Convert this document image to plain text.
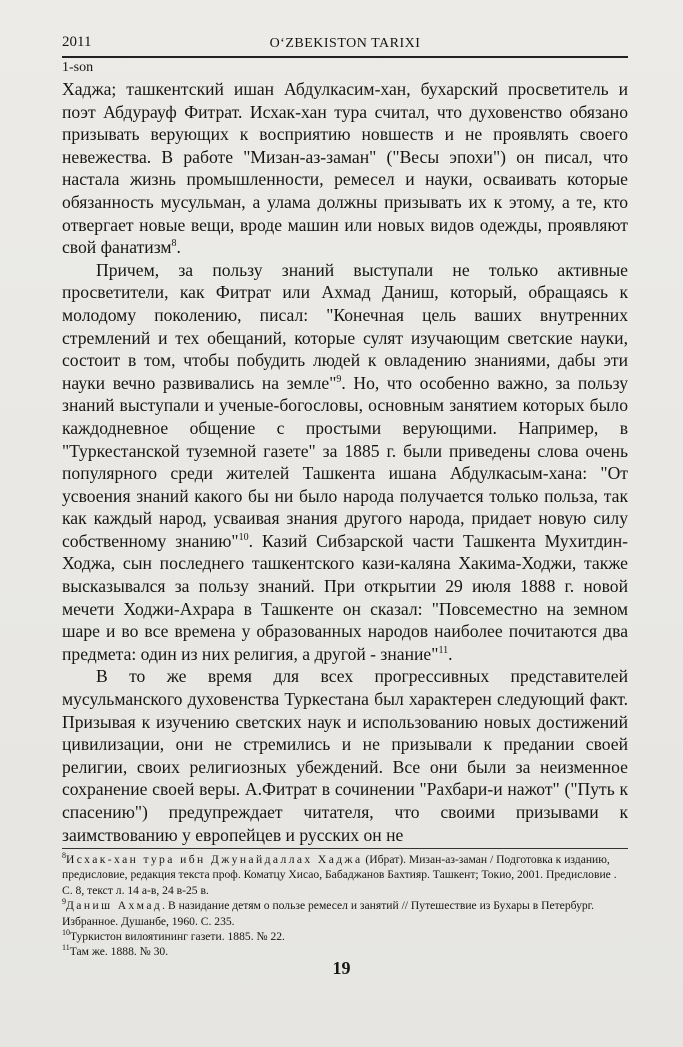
2011	O‘ZBEKISTON TARIXI
1-son

Хаджа; ташкентский ишан Абдулкасим-хан, бухарский просветитель и поэт Абдурауф Фитрат. Исхак-хан тура считал, что духовенство обязано призывать верующих к восприятию новшеств и не проявлять своего невежества. В работе "Мизан-аз-заман" ("Весы эпохи") он писал, что настала жизнь промышленности, ремесел и науки, осваивать которые обязанность мусульман, а улама должны призывать их к этому, а те, кто отвергает новые вещи, вроде машин или новых видов одежды, проявляют свой фанатизм$^8$.

Причем, за пользу знаний выступали не только активные просветители, как Фитрат или Ахмад Даниш, который, обращаясь к молодому поколению, писал: "Конечная цель ваших внутренних стремлений и тех обещаний, которые сулят изучающим светские науки, состоит в том, чтобы побудить людей к овладению знаниями, дабы эти науки вечно развивались на земле"$^9$. Но, что особенно важно, за пользу знаний выступали и ученые-богословы, основным занятием которых было каждодневное общение с простыми верующими. Например, в "Туркестанской туземной газете" за 1885 г. были приведены слова очень популярного среди жителей Ташкента ишана Абдулкасым-хана: "От усвоения знаний какого бы ни было народа получается только польза, так как каждый народ, усваивая знания другого народа, придает новую силу собственному знанию"$^{10}$. Казий Сибзарской части Ташкента Мухитдин-Ходжа, сын последнего ташкентского кази-каляна Хакима-Ходжи, также высказывался за пользу знаний. При открытии 29 июля 1888 г. новой мечети Ходжи-Ахрара в Ташкенте он сказал: "Повсеместно на земном шаре и во все времена у образованных народов наиболее почитаются два предмета: один из них религия, а другой - знание"$^{11}$.

В то же время для всех прогрессивных представителей мусульманского духовенства Туркестана был характерен следующий факт. Призывая к изучению светских наук и использованию новых достижений цивилизации, они не стремились и не призывали к предании своей религии, своих религиозных убеждений. Все они были за неизменное сохранение своей веры. А.Фитрат в сочинении "Рахбари-и нажот" ("Путь к спасению") предупреждает читателя, что своими призывами к заимствованию у европейцев и русских он не

$^8$Исхак-хан тура ибн Джунайдаллах Хаджа (Ибрат). Мизан-аз-заман / Подготовка к изданию, предисловие, редакция текста проф. Коматцу Хисао, Бабаджанов Бахтияр. Ташкент; Токио, 2001. Предисловие . С. 8, текст л. 14 а-в, 24 в-25 в.

$^9$Даниш Ахмад. В назидание детям о пользе ремесел и занятий // Путешествие из Бухары в Петербург. Избранное. Душанбе, 1960. С. 235.

$^{10}$Туркистон вилоятининг газети. 1885. № 22.

$^{11}$Там же. 1888. № 30.

19
